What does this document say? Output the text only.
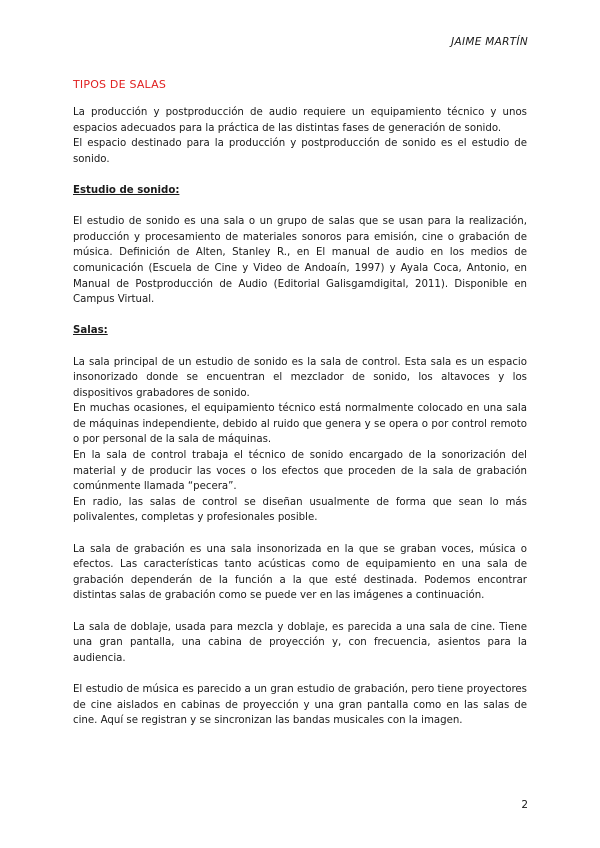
JAIME MARTÍN
TIPOS DE SALAS

La producción y postproducción de audio requiere un equipamiento técnico y unos espacios adecuados para la práctica de las distintas fases de generación de sonido.

El espacio destinado para la producción y postproducción de sonido es el estudio de sonido.

Estudio de sonido:

El estudio de sonido es una sala o un grupo de salas que se usan para la realización, producción y procesamiento de materiales sonoros para emisión, cine o grabación de música. Definición de Alten, Stanley R., en El manual de audio en los medios de comunicación (Escuela de Cine y Video de Andoaín, 1997) y Ayala Coca, Antonio, en Manual de Postproducción de Audio (Editorial Galisgamdigital, 2011). Disponible en Campus Virtual.

Salas:

La sala principal de un estudio de sonido es la sala de control. Esta sala es un espacio insonorizado donde se encuentran el mezclador de sonido, los altavoces y los dispositivos grabadores de sonido.

En muchas ocasiones, el equipamiento técnico está normalmente colocado en una sala de máquinas independiente, debido al ruido que genera y se opera o por control remoto o por personal de la sala de máquinas.

En la sala de control trabaja el técnico de sonido encargado de la sonorización del material y de producir las voces o los efectos que proceden de la sala de grabación comúnmente llamada “pecera”.

En radio, las salas de control se diseñan usualmente de forma que sean lo más polivalentes, completas y profesionales posible.

La sala de grabación es una sala insonorizada en la que se graban voces, música o efectos. Las características tanto acústicas como de equipamiento en una sala de grabación dependerán de la función a la que esté destinada. Podemos encontrar distintas salas de grabación como se puede ver en las imágenes a continuación.

La sala de doblaje, usada para mezcla y doblaje, es parecida a una sala de cine. Tiene una gran pantalla, una cabina de proyección y, con frecuencia, asientos para la audiencia.

El estudio de música es parecido a un gran estudio de grabación, pero tiene proyectores de cine aislados en cabinas de proyección y una gran pantalla como en las salas de cine. Aquí se registran y se sincronizan las bandas musicales con la imagen.

2
